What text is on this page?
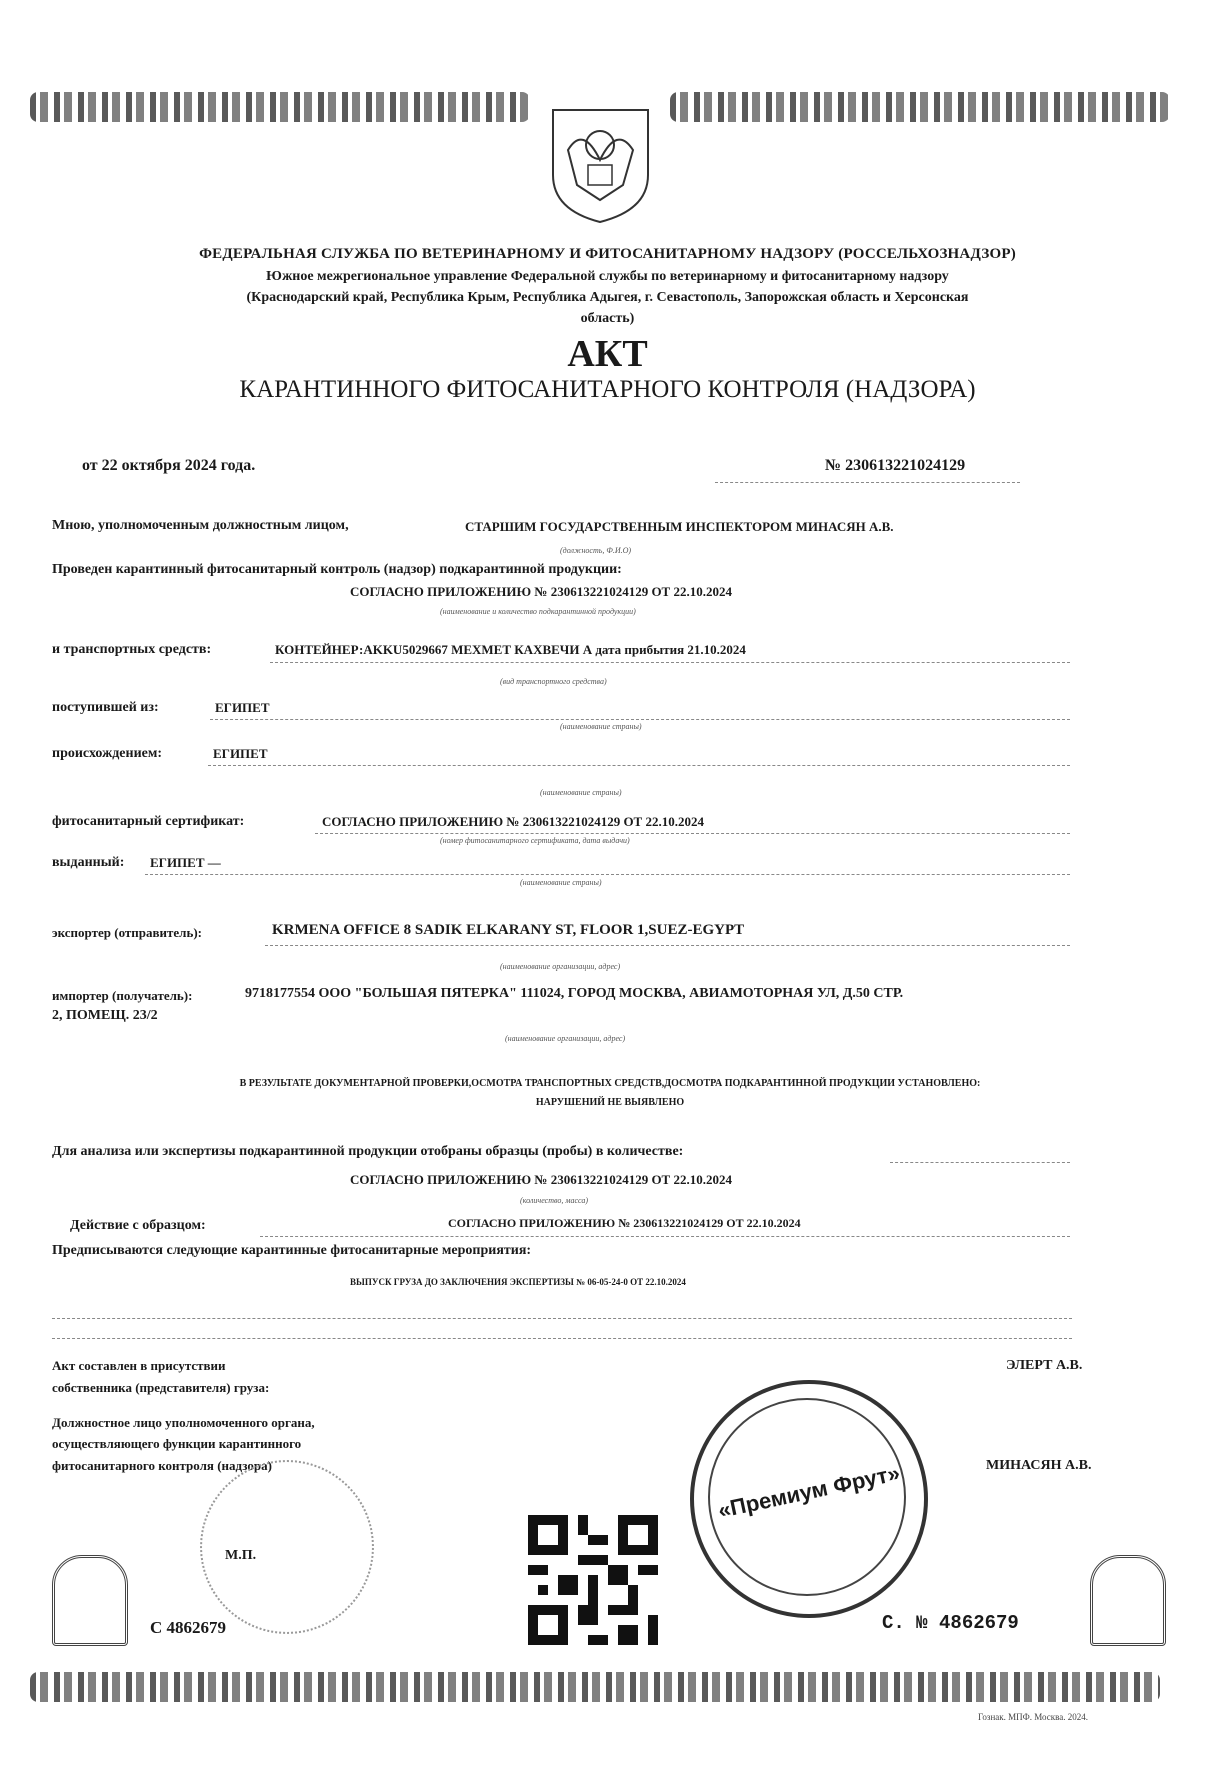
ФЕДЕРАЛЬНАЯ СЛУЖБА ПО ВЕТЕРИНАРНОМУ И ФИТОСАНИТАРНОМУ НАДЗОРУ (РОССЕЛЬХОЗНАДЗОР)
Южное межрегиональное управление Федеральной службы по ветеринарному и фитосанитарному надзору
(Краснодарский край, Республика Крым, Республика Адыгея, г. Севастополь, Запорожская область и Херсонская
область)
АКТ
КАРАНТИННОГО ФИТОСАНИТАРНОГО КОНТРОЛЯ (НАДЗОРА)
от 22 октября 2024 года.	№ 230613221024129
Мною, уполномоченным должностным лицом,	СТАРШИМ ГОСУДАРСТВЕННЫМ ИНСПЕКТОРОМ МИНАСЯН А.В.
(должность, Ф.И.О)
Проведен карантинный фитосанитарный контроль (надзор) подкарантинной продукции:
СОГЛАСНО ПРИЛОЖЕНИЮ № 230613221024129 ОТ 22.10.2024
(наименование и количество подкарантинной продукции)
и транспортных средств:	КОНТЕЙНЕР:AKKU5029667 МЕХМЕТ КАХВЕЧИ А дата прибытия 21.10.2024
(вид транспортного средства)
поступившей из:	ЕГИПЕТ
(наименование страны)
происхождением:	ЕГИПЕТ
(наименование страны)
фитосанитарный сертификат:	СОГЛАСНО ПРИЛОЖЕНИЮ № 230613221024129 ОТ 22.10.2024
(номер фитосанитарного сертификата, дата выдачи)
выданный: ЕГИПЕТ —
(наименование страны)
экспортер (отправитель):	KRMENA OFFICE 8 SADIK ELKARANY ST, FLOOR 1,SUEZ-EGYPT
(наименование организации, адрес)
импортер (получатель):	9718177554 ООО "БОЛЬШАЯ ПЯТЕРКА" 111024, ГОРОД МОСКВА, АВИАМОТОРНАЯ УЛ, Д.50 СТР.
2, ПОМЕЩ. 23/2
(наименование организации, адрес)
В РЕЗУЛЬТАТЕ ДОКУМЕНТАРНОЙ ПРОВЕРКИ,ОСМОТРА ТРАНСПОРТНЫХ СРЕДСТВ,ДОСМОТРА ПОДКАРАНТИННОЙ ПРОДУКЦИИ УСТАНОВЛЕНО:
НАРУШЕНИЙ НЕ ВЫЯВЛЕНО
Для анализа или экспертизы подкарантинной продукции отобраны образцы (пробы) в количестве:
СОГЛАСНО ПРИЛОЖЕНИЮ № 230613221024129 ОТ 22.10.2024
(количество, масса)
Действие с образцом:	СОГЛАСНО ПРИЛОЖЕНИЮ № 230613221024129 ОТ 22.10.2024
Предписываются следующие карантинные фитосанитарные мероприятия:
ВЫПУСК ГРУЗА ДО ЗАКЛЮЧЕНИЯ ЭКСПЕРТИЗЫ № 06-05-24-0 ОТ 22.10.2024
Акт составлен в присутствии
собственника (представителя) груза:
ЭЛЕРТ А.В.
Должностное лицо уполномоченного органа,
осуществляющего функции карантинного
фитосанитарного контроля (надзора)	МИНАСЯН А.В.
М.П.
«Премиум Фрут»
С 4862679	С. № 4862679
Гознак. МПФ. Москва. 2024.
